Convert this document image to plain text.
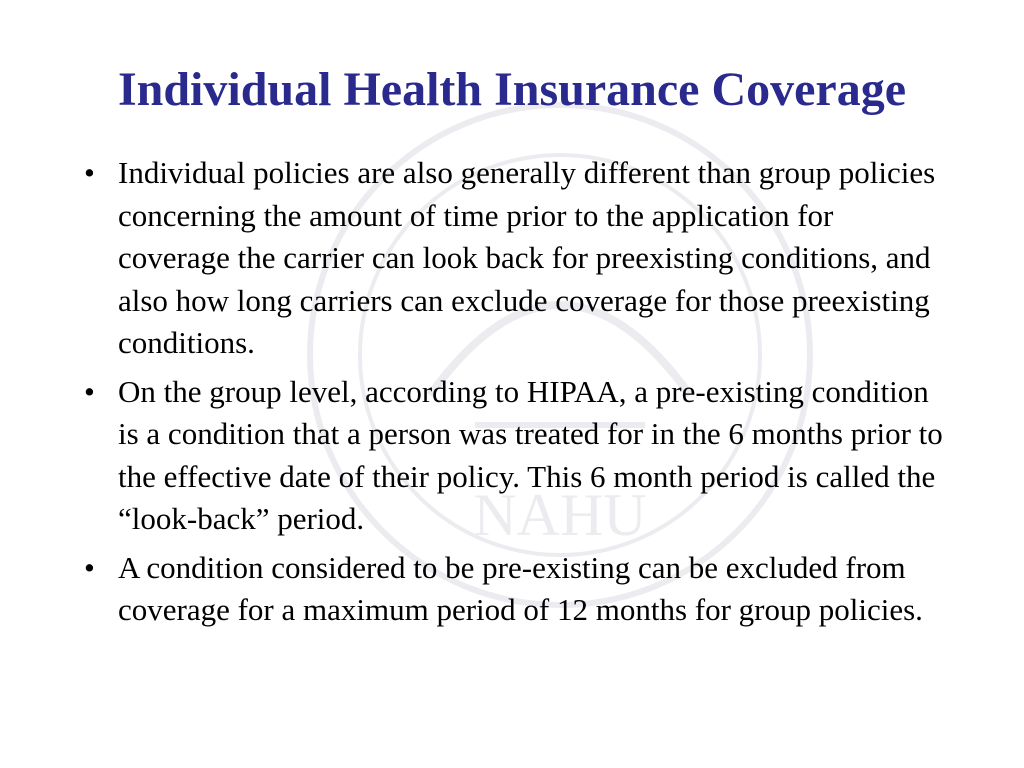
NAHU
Individual Health Insurance Coverage
• Individual policies are also generally different than group policies concerning the amount of time prior to the application for coverage the carrier can look back for preexisting conditions, and also how long carriers can exclude coverage for those preexisting conditions.
• On the group level, according to HIPAA, a pre-existing condition is a condition that a person was treated for in the 6 months prior to the effective date of their policy. This 6 month period is called the “look-back” period.
• A condition considered to be pre-existing can be excluded from coverage for a maximum period of 12 months for group policies.
